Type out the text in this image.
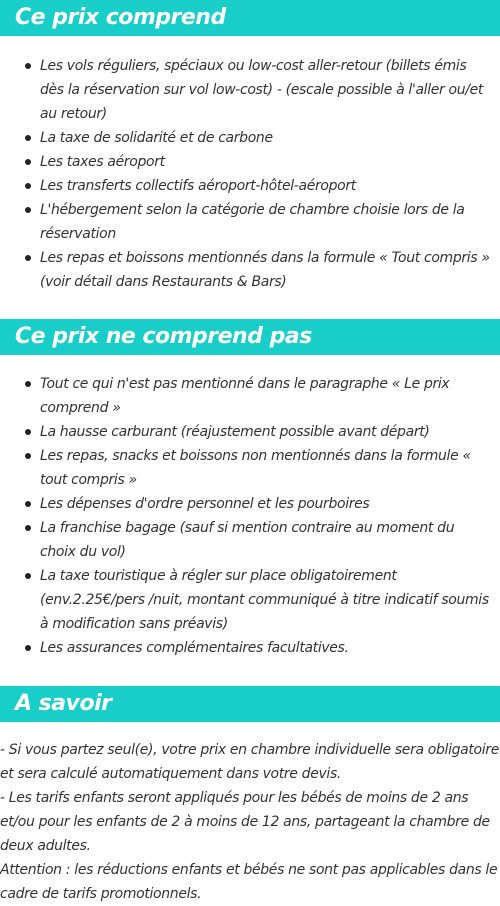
Ce prix comprend
Les vols réguliers, spéciaux ou low-cost aller-retour (billets émis dès la réservation sur vol low-cost) - (escale possible à l'aller ou/et au retour)
La taxe de solidarité et de carbone
Les taxes aéroport
Les transferts collectifs aéroport-hôtel-aéroport
L'hébergement selon la catégorie de chambre choisie lors de la réservation
Les repas et boissons mentionnés dans la formule « Tout compris » (voir détail dans Restaurants & Bars)
Ce prix ne comprend pas
Tout ce qui n'est pas mentionné dans le paragraphe « Le prix comprend »
La hausse carburant (réajustement possible avant départ)
Les repas, snacks et boissons non mentionnés dans la formule « tout compris »
Les dépenses d'ordre personnel et les pourboires
La franchise bagage (sauf si mention contraire au moment du choix du vol)
La taxe touristique à régler sur place obligatoirement (env.2.25€/pers /nuit, montant communiqué à titre indicatif soumis à modification sans préavis)
Les assurances complémentaires facultatives.
A savoir

- Si vous partez seul(e), votre prix en chambre individuelle sera obligatoire et sera calculé automatiquement dans votre devis.

- Les tarifs enfants seront appliqués pour les bébés de moins de 2 ans et/ou pour les enfants de 2 à moins de 12 ans, partageant la chambre de deux adultes.

Attention : les réductions enfants et bébés ne sont pas applicables dans le cadre de tarifs promotionnels.
